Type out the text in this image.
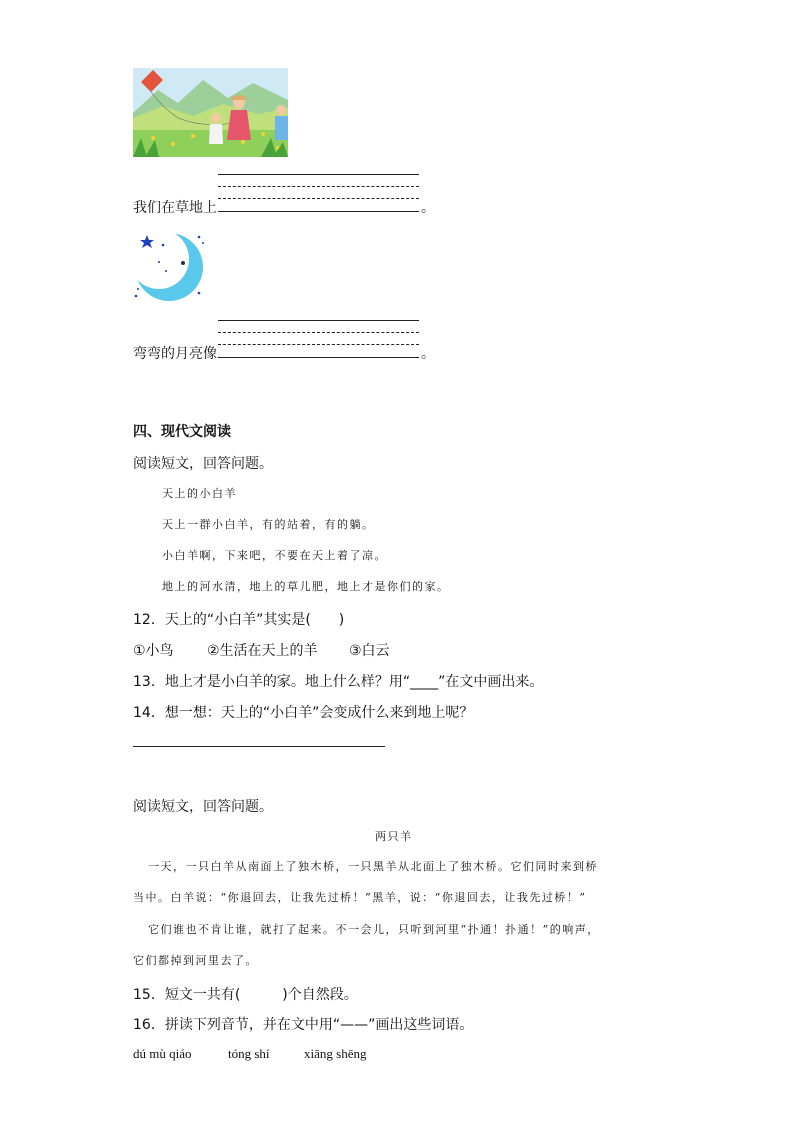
我们在草地上	。
弯弯的月亮像	。
四、现代文阅读
阅读短文，回答问题。
天上的小白羊
天上一群小白羊，有的站着，有的躺。
小白羊啊，下来吧，不要在天上着了凉。
地上的河水清，地上的草儿肥，地上才是你们的家。
12．天上的“小白羊”其实是(　　)
①小鸟 ②生活在天上的羊 ③白云
13．地上才是小白羊的家。地上什么样？用“____”在文中画出来。
14．想一想：天上的“小白羊”会变成什么来到地上呢？
阅读短文，回答问题。
两只羊
一天，一只白羊从南面上了独木桥，一只黑羊从北面上了独木桥。它们同时来到桥
当中。白羊说：“你退回去，让我先过桥！”黑羊，说：“你退回去，让我先过桥！”
它们谁也不肯让谁，就打了起来。不一会儿，只听到河里“扑通！扑通！”的响声，
它们都掉到河里去了。
15．短文一共有(　　　)个自然段。
16．拼读下列音节，并在文中用“——”画出这些词语。
dú mù qiáo	tóng shí	xiāng shēng
